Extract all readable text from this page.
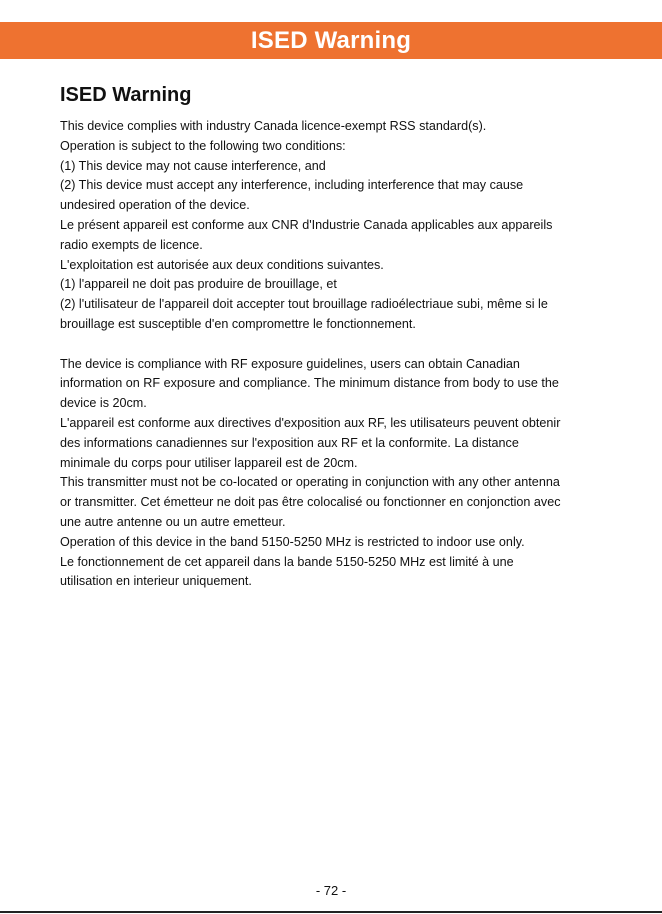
ISED Warning
ISED Warning
This device complies with industry Canada licence-exempt RSS standard(s).
Operation is subject to the following two conditions:
(1) This device may not cause interference, and
(2) This device must accept any interference, including interference that may cause
undesired operation of the device.
Le présent appareil est conforme aux CNR d'Industrie Canada applicables aux appareils
radio exempts de licence.
L'exploitation est autorisée aux deux conditions suivantes.
(1) l'appareil ne doit pas produire de brouillage, et
(2) l'utilisateur de l'appareil doit accepter tout brouillage radioélectriaue subi, même si le
brouillage est susceptible d'en compromettre le fonctionnement.
The device is compliance with RF exposure guidelines, users can obtain Canadian
information on RF exposure and compliance. The minimum distance from body to use the
device is 20cm.
L'appareil est conforme aux directives d'exposition aux RF, les utilisateurs peuvent obtenir
des informations canadiennes sur l'exposition aux RF et la conformite. La distance
minimale du corps pour utiliser lappareil est de 20cm.
This transmitter must not be co-located or operating in conjunction with any other antenna
or transmitter. Cet émetteur ne doit pas être colocalisé ou fonctionner en conjonction avec
une autre antenne ou un autre emetteur.
Operation of this device in the band 5150-5250 MHz is restricted to indoor use only.
Le fonctionnement de cet appareil dans la bande 5150-5250 MHz est limité à une
utilisation en interieur uniquement.
- 72 -
